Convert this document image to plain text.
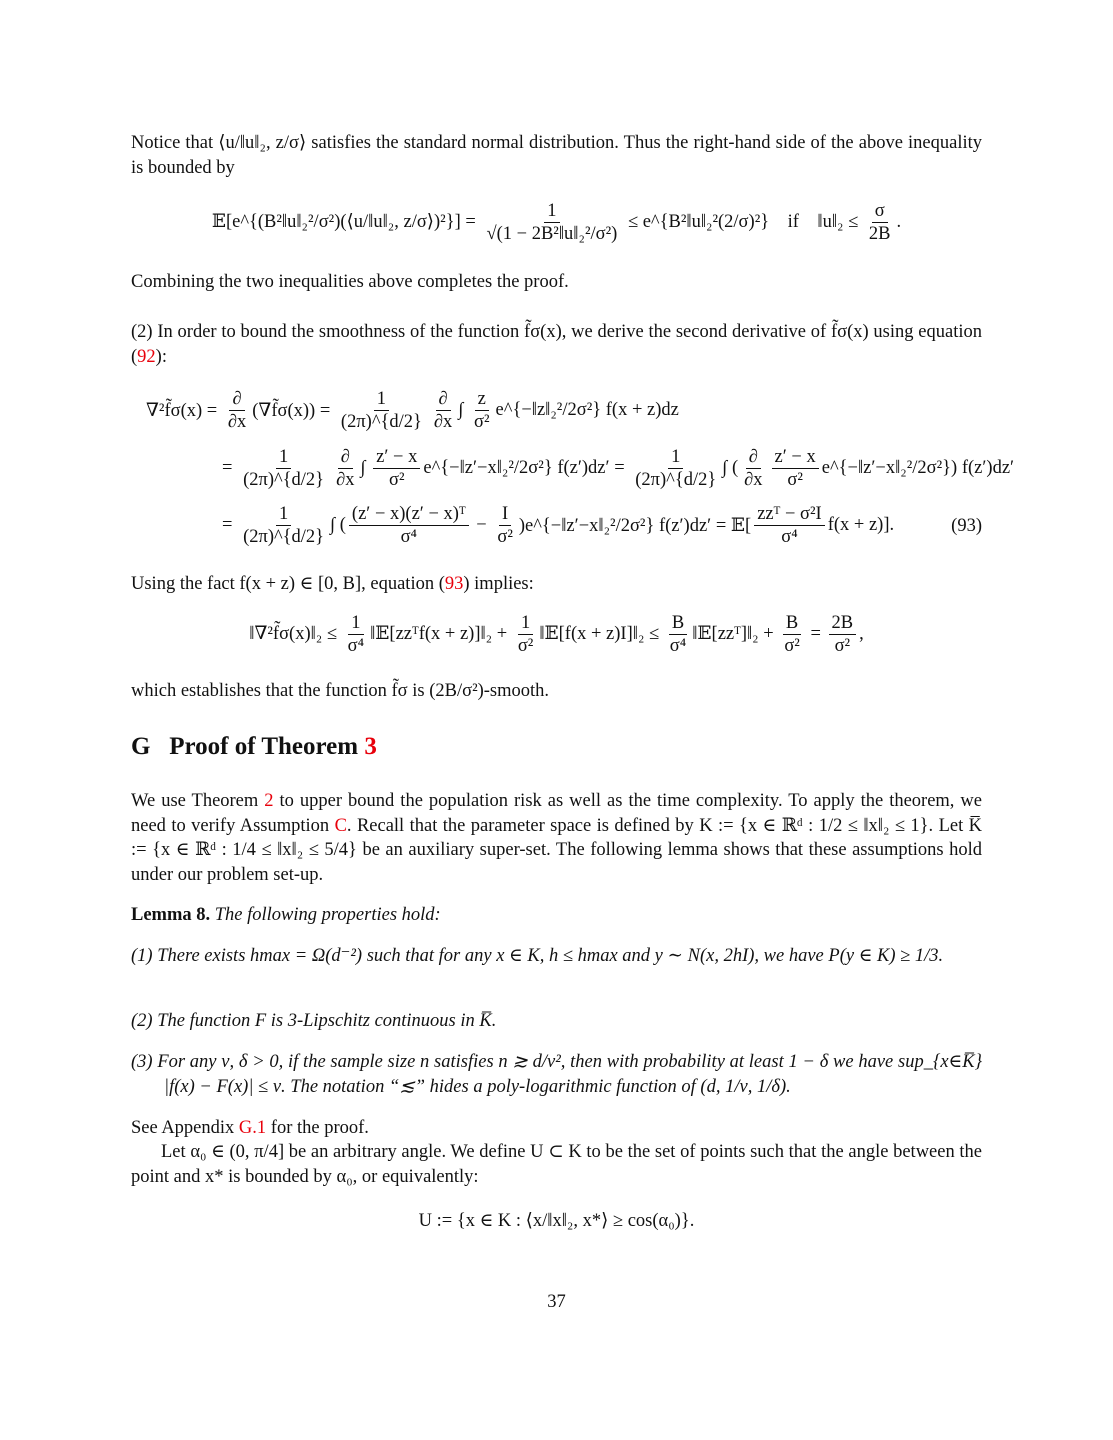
Notice that ⟨u/‖u‖₂, z/σ⟩ satisfies the standard normal distribution. Thus the right-hand side of the above inequality is bounded by
𝔼[e^{(B²‖u‖₂²/σ²)(⟨u/‖u‖₂, z/σ⟩)²}] = $\frac{1}{\text{√(1 − 2B²‖u‖₂²/σ²)}}$ ≤ e^{B²‖u‖₂²(2/σ)²}    if    ‖u‖₂ ≤ $\frac{\sigma}{2B}$ .
Combining the two inequalities above completes the proof.
(2) In order to bound the smoothness of the function f̃σ(x), we derive the second derivative of f̃σ(x) using equation (92):
∇²f̃σ(x) = $\frac{\partial}{\partial x}$ (∇f̃σ(x)) = $\frac{1}{(2\pi)\^{}\{d/2\}} \frac{\partial}{\partial x}$ ∫ $\frac{z}{\text{σ²}}$ e^{−‖z‖₂²/2σ²} f(x + z)dz
= $\frac{1}{(2\pi)\^{}\{d/2\}} \frac{\partial}{\partial x}$ ∫ $\frac{z' - x}{\text{σ²}}$ e^{−‖z′−x‖₂²/2σ²} $f(z')dz' = \frac{1}{(2\pi)\^{}\{d/2\}}$ ∫ ( $\frac{\partial}{\partial x} \frac{z' - x}{\text{σ²}}$ e^{−‖z′−x‖₂²/2σ²}) f(z′)dz′
= $\frac{1}{(2\pi)\^{}\{d/2\}}$ ∫ ( $\frac{\text{(z′ − x)(z′ − x)ᵀ}}{\text{σ⁴}} - \frac{I}{\text{σ²}}$ )e^{−‖z′−x‖₂²/2σ²} f(z′)dz′ = 𝔼[ $\frac{\text{zzᵀ − σ²I}}{\text{σ⁴}} f(x + z)$].	(93)
Using the fact f(x + z) ∈ [0, B], equation (93) implies:
‖∇²f̃σ(x)‖₂ ≤ $\frac{1}{\text{σ⁴}}$ ‖𝔼[zzᵀf(x + z)]‖₂ + $\frac{1}{\text{σ²}}$ ‖𝔼[f(x + z)I]‖₂ ≤ $\frac{B}{\text{σ⁴}}$ ‖𝔼[zzᵀ]‖₂ + $\frac{B}{\text{σ²}} = \frac{2B}{\text{σ²}}$ ,
which establishes that the function f̃σ is (2B/σ²)-smooth.
G Proof of Theorem 3
We use Theorem 2 to upper bound the population risk as well as the time complexity. To apply the theorem, we need to verify Assumption C. Recall that the parameter space is defined by K := {x ∈ ℝᵈ : 1/2 ≤ ‖x‖₂ ≤ 1}. Let K̅ := {x ∈ ℝᵈ : 1/4 ≤ ‖x‖₂ ≤ 5/4} be an auxiliary super-set. The following lemma shows that these assumptions hold under our problem set-up.
Lemma 8. The following properties hold:
(1) There exists hmax = Ω(d⁻²) such that for any x ∈ K, h ≤ hmax and y ∼ N(x, 2hI), we have P(y ∈ K) ≥ 1/3.
(2) The function F is 3-Lipschitz continuous in K̅.
(3) For any ν, δ > 0, if the sample size n satisfies n ≳ d/ν², then with probability at least 1 − δ we have sup_{x∈K̅} |f(x) − F(x)| ≤ ν. The notation “≲” hides a poly-logarithmic function of (d, 1/ν, 1/δ).
See Appendix G.1 for the proof.
Let α₀ ∈ (0, π/4] be an arbitrary angle. We define U ⊂ K to be the set of points such that the angle between the point and x* is bounded by α₀, or equivalently:
U := {x ∈ K : ⟨x/‖x‖₂, x*⟩ ≥ cos(α₀)}.
37
